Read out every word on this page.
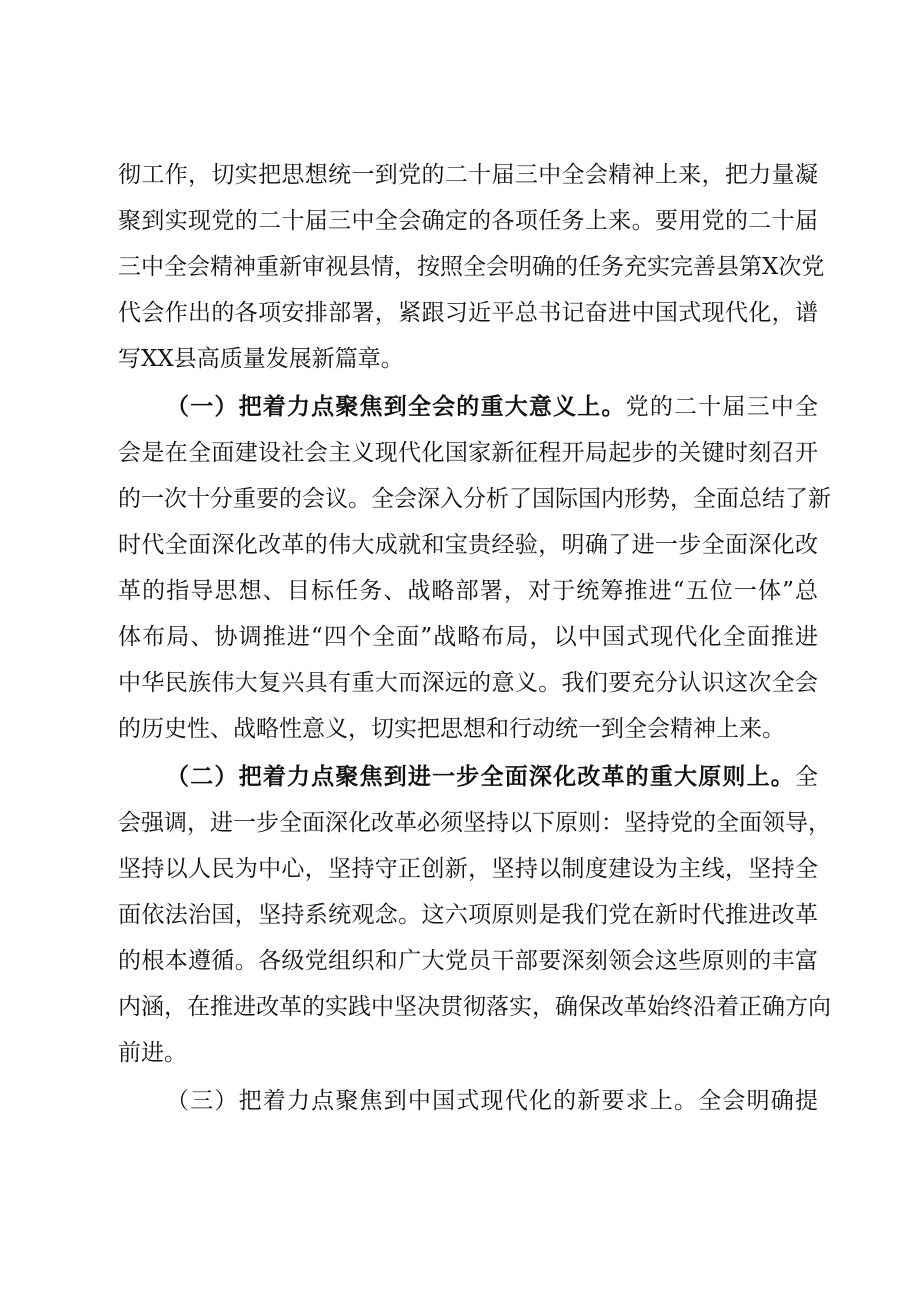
彻工作，切实把思想统一到党的二十届三中全会精神上来，把力量凝
聚到实现党的二十届三中全会确定的各项任务上来。要用党的二十届
三中全会精神重新审视县情，按照全会明确的任务充实完善县第X次党
代会作出的各项安排部署，紧跟习近平总书记奋进中国式现代化，谱
写XX县高质量发展新篇章。
（一）把着力点聚焦到全会的重大意义上。党的二十届三中全
会是在全面建设社会主义现代化国家新征程开局起步的关键时刻召开
的一次十分重要的会议。全会深入分析了国际国内形势，全面总结了新
时代全面深化改革的伟大成就和宝贵经验，明确了进一步全面深化改
革的指导思想、目标任务、战略部署，对于统筹推进“五位一体”总
体布局、协调推进“四个全面”战略布局，以中国式现代化全面推进
中华民族伟大复兴具有重大而深远的意义。我们要充分认识这次全会
的历史性、战略性意义，切实把思想和行动统一到全会精神上来。
（二）把着力点聚焦到进一步全面深化改革的重大原则上。全
会强调，进一步全面深化改革必须坚持以下原则：坚持党的全面领导，
坚持以人民为中心，坚持守正创新，坚持以制度建设为主线，坚持全
面依法治国，坚持系统观念。这六项原则是我们党在新时代推进改革
的根本遵循。各级党组织和广大党员干部要深刻领会这些原则的丰富
内涵，在推进改革的实践中坚决贯彻落实，确保改革始终沿着正确方向
前进。
（三）把着力点聚焦到中国式现代化的新要求上。全会明确提
